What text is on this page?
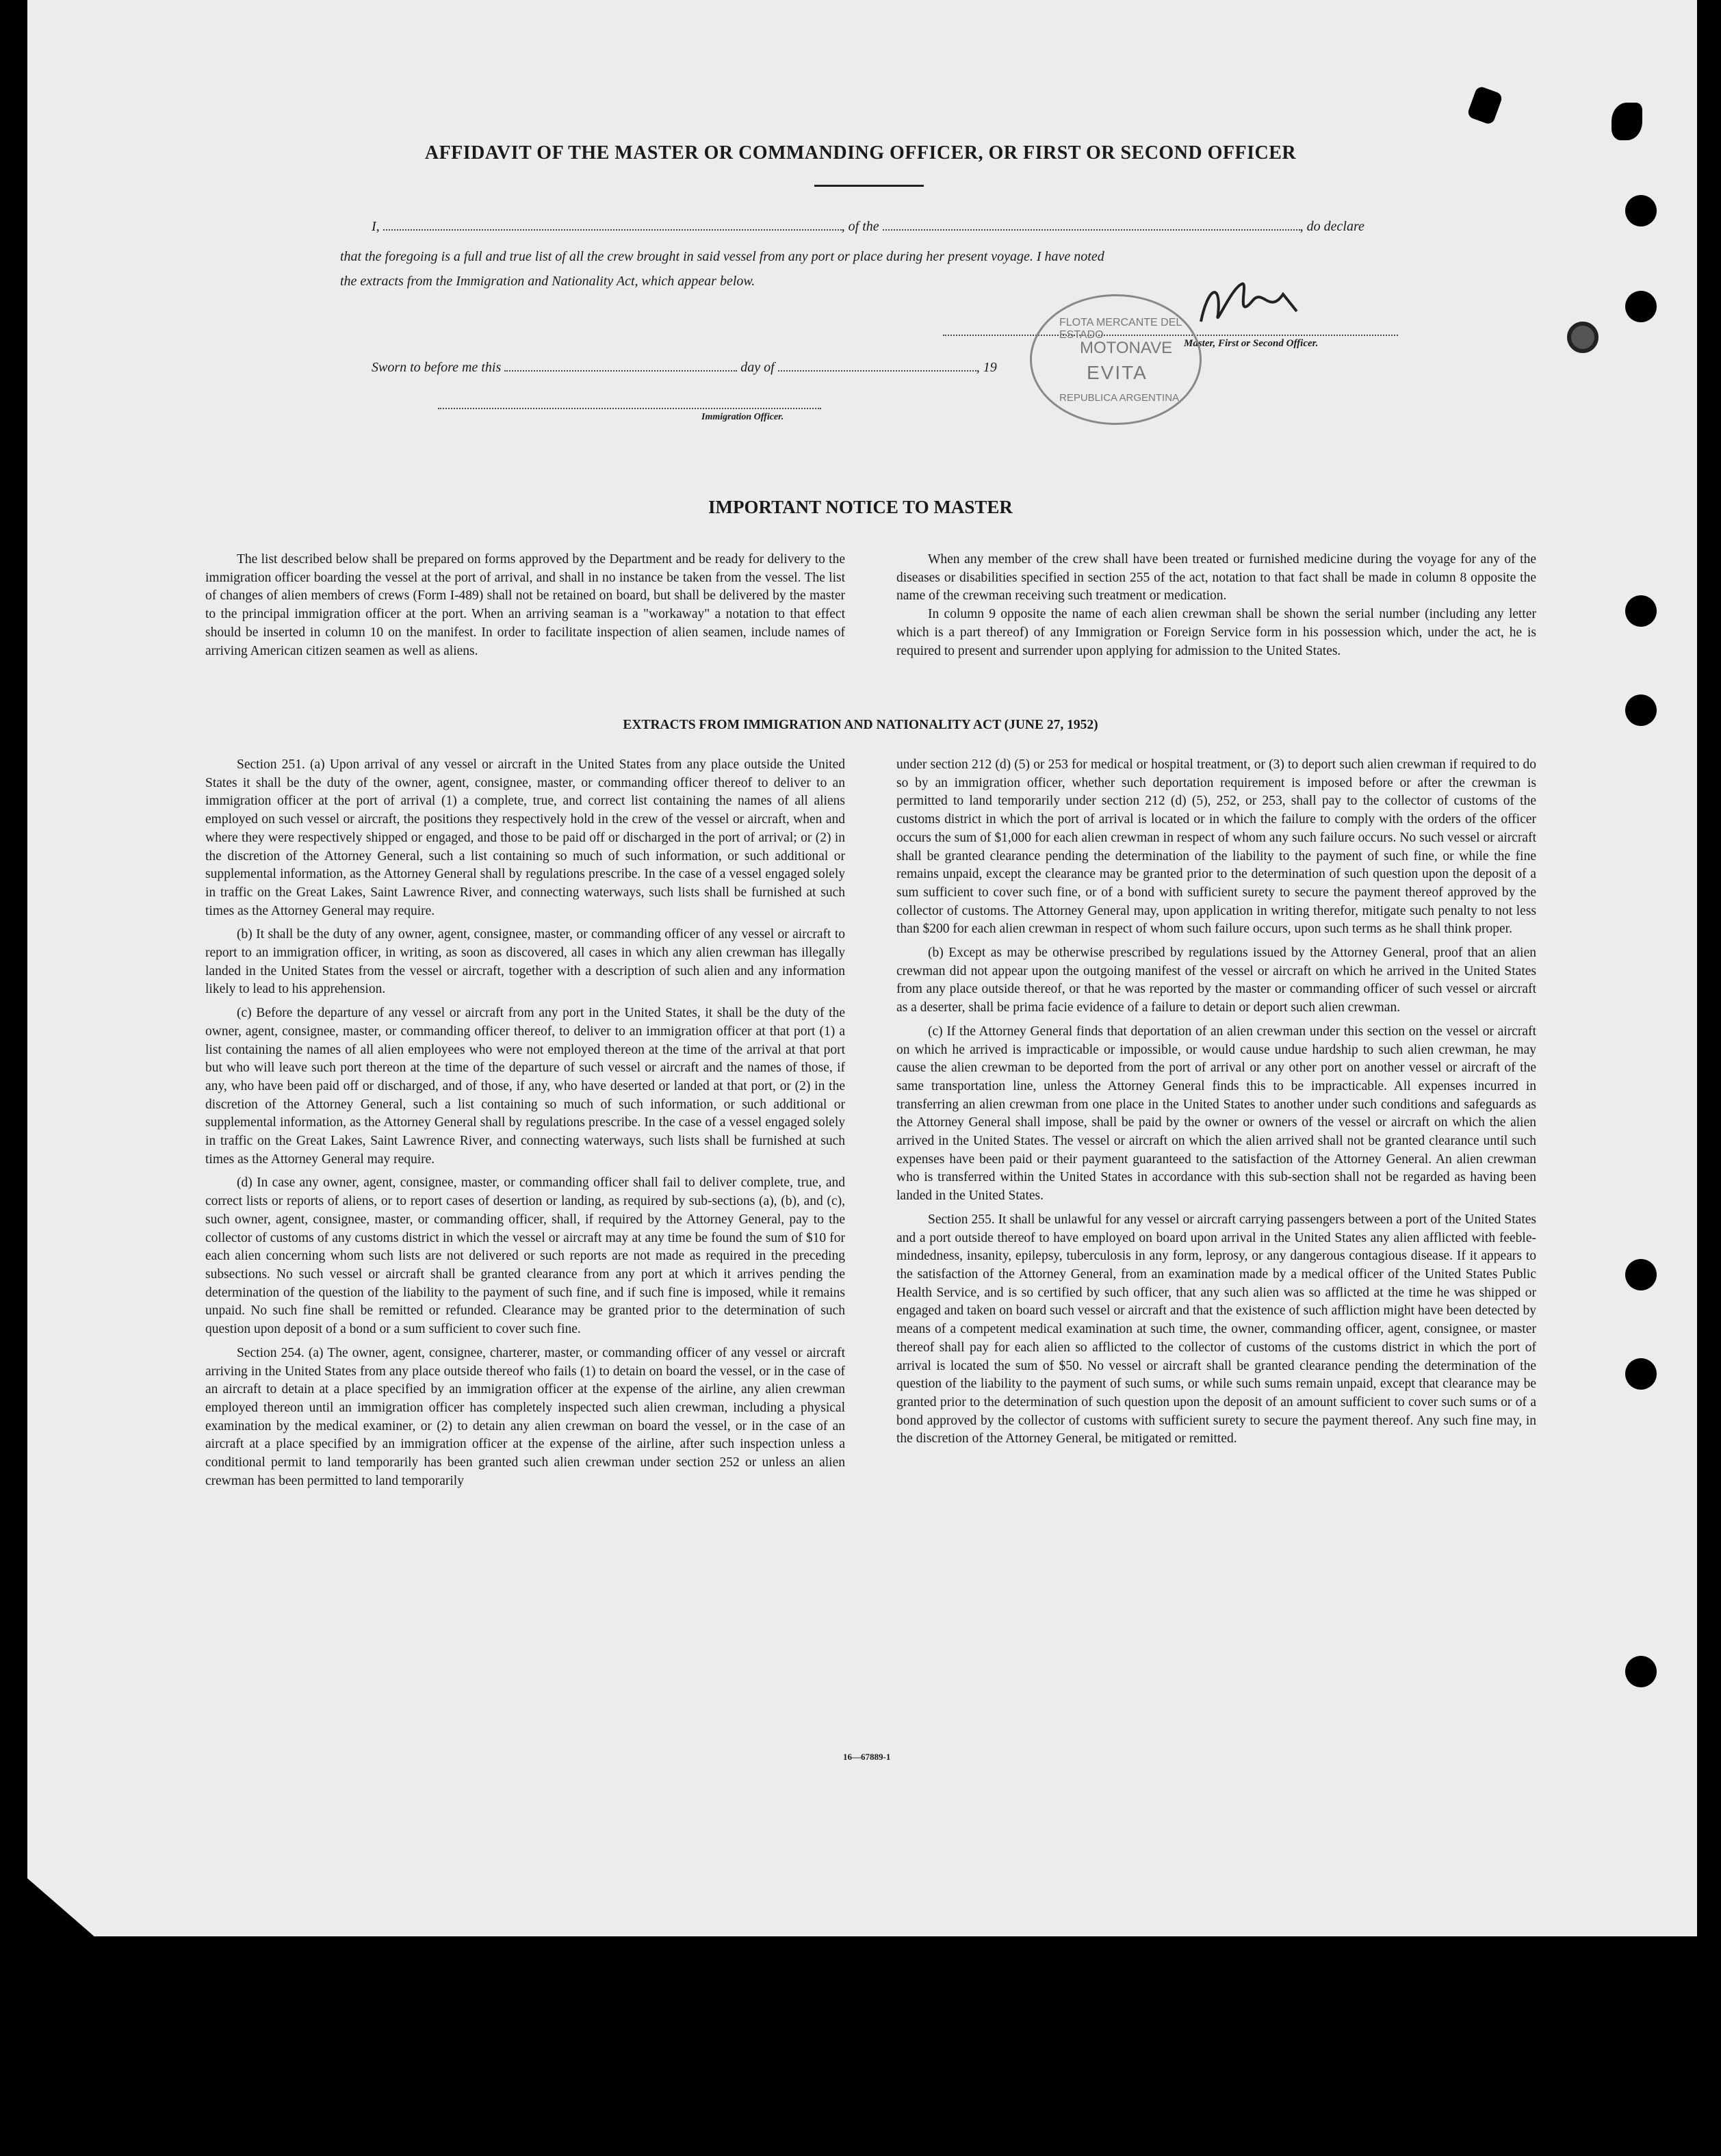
AFFIDAVIT OF THE MASTER OR COMMANDING OFFICER, OR FIRST OR SECOND OFFICER
I,	, of the	, do declare
that the foregoing is a full and true list of all the crew brought in said vessel from any port or place during her present voyage. I have noted
the extracts from the Immigration and Nationality Act, which appear below.
Master, First or Second Officer.
Sworn to before me this	day of	, 19
Immigration Officer.
FLOTA MERCANTE DEL ESTADO
MOTONAVE
EVITA
REPUBLICA ARGENTINA
IMPORTANT NOTICE TO MASTER

The list described below shall be prepared on forms approved by the Department and be ready for delivery to the immigration officer boarding the vessel at the port of arrival, and shall in no instance be taken from the vessel. The list of changes of alien members of crews (Form I-489) shall not be retained on board, but shall be delivered by the master to the principal immigration officer at the port. When an arriving seaman is a "workaway" a notation to that effect should be inserted in column 10 on the manifest. In order to facilitate inspection of alien seamen, include names of arriving American citizen seamen as well as aliens.

When any member of the crew shall have been treated or furnished medicine during the voyage for any of the diseases or disabilities specified in section 255 of the act, notation to that fact shall be made in column 8 opposite the name of the crewman receiving such treatment or medication.

In column 9 opposite the name of each alien crewman shall be shown the serial number (including any letter which is a part thereof) of any Immigration or Foreign Service form in his possession which, under the act, he is required to present and surrender upon applying for admission to the United States.

EXTRACTS FROM IMMIGRATION AND NATIONALITY ACT (JUNE 27, 1952)

Section 251. (a) Upon arrival of any vessel or aircraft in the United States from any place outside the United States it shall be the duty of the owner, agent, consignee, master, or commanding officer thereof to deliver to an immigration officer at the port of arrival (1) a complete, true, and correct list containing the names of all aliens employed on such vessel or aircraft, the positions they respectively hold in the crew of the vessel or aircraft, when and where they were respectively shipped or engaged, and those to be paid off or discharged in the port of arrival; or (2) in the discretion of the Attorney General, such a list containing so much of such information, or such additional or supplemental information, as the Attorney General shall by regulations prescribe. In the case of a vessel engaged solely in traffic on the Great Lakes, Saint Lawrence River, and connecting waterways, such lists shall be furnished at such times as the Attorney General may require.

(b) It shall be the duty of any owner, agent, consignee, master, or commanding officer of any vessel or aircraft to report to an immigration officer, in writing, as soon as discovered, all cases in which any alien crewman has illegally landed in the United States from the vessel or aircraft, together with a description of such alien and any information likely to lead to his apprehension.

(c) Before the departure of any vessel or aircraft from any port in the United States, it shall be the duty of the owner, agent, consignee, master, or commanding officer thereof, to deliver to an immigration officer at that port (1) a list containing the names of all alien employees who were not employed thereon at the time of the arrival at that port but who will leave such port thereon at the time of the departure of such vessel or aircraft and the names of those, if any, who have been paid off or discharged, and of those, if any, who have deserted or landed at that port, or (2) in the discretion of the Attorney General, such a list containing so much of such information, or such additional or supplemental information, as the Attorney General shall by regulations prescribe. In the case of a vessel engaged solely in traffic on the Great Lakes, Saint Lawrence River, and connecting waterways, such lists shall be furnished at such times as the Attorney General may require.

(d) In case any owner, agent, consignee, master, or commanding officer shall fail to deliver complete, true, and correct lists or reports of aliens, or to report cases of desertion or landing, as required by sub-sections (a), (b), and (c), such owner, agent, consignee, master, or commanding officer, shall, if required by the Attorney General, pay to the collector of customs of any customs district in which the vessel or aircraft may at any time be found the sum of $10 for each alien concerning whom such lists are not delivered or such reports are not made as required in the preceding subsections. No such vessel or aircraft shall be granted clearance from any port at which it arrives pending the determination of the question of the liability to the payment of such fine, and if such fine is imposed, while it remains unpaid. No such fine shall be remitted or refunded. Clearance may be granted prior to the determination of such question upon deposit of a bond or a sum sufficient to cover such fine.

Section 254. (a) The owner, agent, consignee, charterer, master, or commanding officer of any vessel or aircraft arriving in the United States from any place outside thereof who fails (1) to detain on board the vessel, or in the case of an aircraft to detain at a place specified by an immigration officer at the expense of the airline, any alien crewman employed thereon until an immigration officer has completely inspected such alien crewman, including a physical examination by the medical examiner, or (2) to detain any alien crewman on board the vessel, or in the case of an aircraft at a place specified by an immigration officer at the expense of the airline, after such inspection unless a conditional permit to land temporarily has been granted such alien crewman under section 252 or unless an alien crewman has been permitted to land temporarily

under section 212 (d) (5) or 253 for medical or hospital treatment, or (3) to deport such alien crewman if required to do so by an immigration officer, whether such deportation requirement is imposed before or after the crewman is permitted to land temporarily under section 212 (d) (5), 252, or 253, shall pay to the collector of customs of the customs district in which the port of arrival is located or in which the failure to comply with the orders of the officer occurs the sum of $1,000 for each alien crewman in respect of whom any such failure occurs. No such vessel or aircraft shall be granted clearance pending the determination of the liability to the payment of such fine, or while the fine remains unpaid, except the clearance may be granted prior to the determination of such question upon the deposit of a sum sufficient to cover such fine, or of a bond with sufficient surety to secure the payment thereof approved by the collector of customs. The Attorney General may, upon application in writing therefor, mitigate such penalty to not less than $200 for each alien crewman in respect of whom such failure occurs, upon such terms as he shall think proper.

(b) Except as may be otherwise prescribed by regulations issued by the Attorney General, proof that an alien crewman did not appear upon the outgoing manifest of the vessel or aircraft on which he arrived in the United States from any place outside thereof, or that he was reported by the master or commanding officer of such vessel or aircraft as a deserter, shall be prima facie evidence of a failure to detain or deport such alien crewman.

(c) If the Attorney General finds that deportation of an alien crewman under this section on the vessel or aircraft on which he arrived is impracticable or impossible, or would cause undue hardship to such alien crewman, he may cause the alien crewman to be deported from the port of arrival or any other port on another vessel or aircraft of the same transportation line, unless the Attorney General finds this to be impracticable. All expenses incurred in transferring an alien crewman from one place in the United States to another under such conditions and safeguards as the Attorney General shall impose, shall be paid by the owner or owners of the vessel or aircraft on which the alien arrived in the United States. The vessel or aircraft on which the alien arrived shall not be granted clearance until such expenses have been paid or their payment guaranteed to the satisfaction of the Attorney General. An alien crewman who is transferred within the United States in accordance with this sub-section shall not be regarded as having been landed in the United States.

Section 255. It shall be unlawful for any vessel or aircraft carrying passengers between a port of the United States and a port outside thereof to have employed on board upon arrival in the United States any alien afflicted with feeble-mindedness, insanity, epilepsy, tuberculosis in any form, leprosy, or any dangerous contagious disease. If it appears to the satisfaction of the Attorney General, from an examination made by a medical officer of the United States Public Health Service, and is so certified by such officer, that any such alien was so afflicted at the time he was shipped or engaged and taken on board such vessel or aircraft and that the existence of such affliction might have been detected by means of a competent medical examination at such time, the owner, commanding officer, agent, consignee, or master thereof shall pay for each alien so afflicted to the collector of customs of the customs district in which the port of arrival is located the sum of $50. No vessel or aircraft shall be granted clearance pending the determination of the question of the liability to the payment of such sums, or while such sums remain unpaid, except that clearance may be granted prior to the determination of such question upon the deposit of an amount sufficient to cover such sums or of a bond approved by the collector of customs with sufficient surety to secure the payment thereof. Any such fine may, in the discretion of the Attorney General, be mitigated or remitted.

16—67889-1
